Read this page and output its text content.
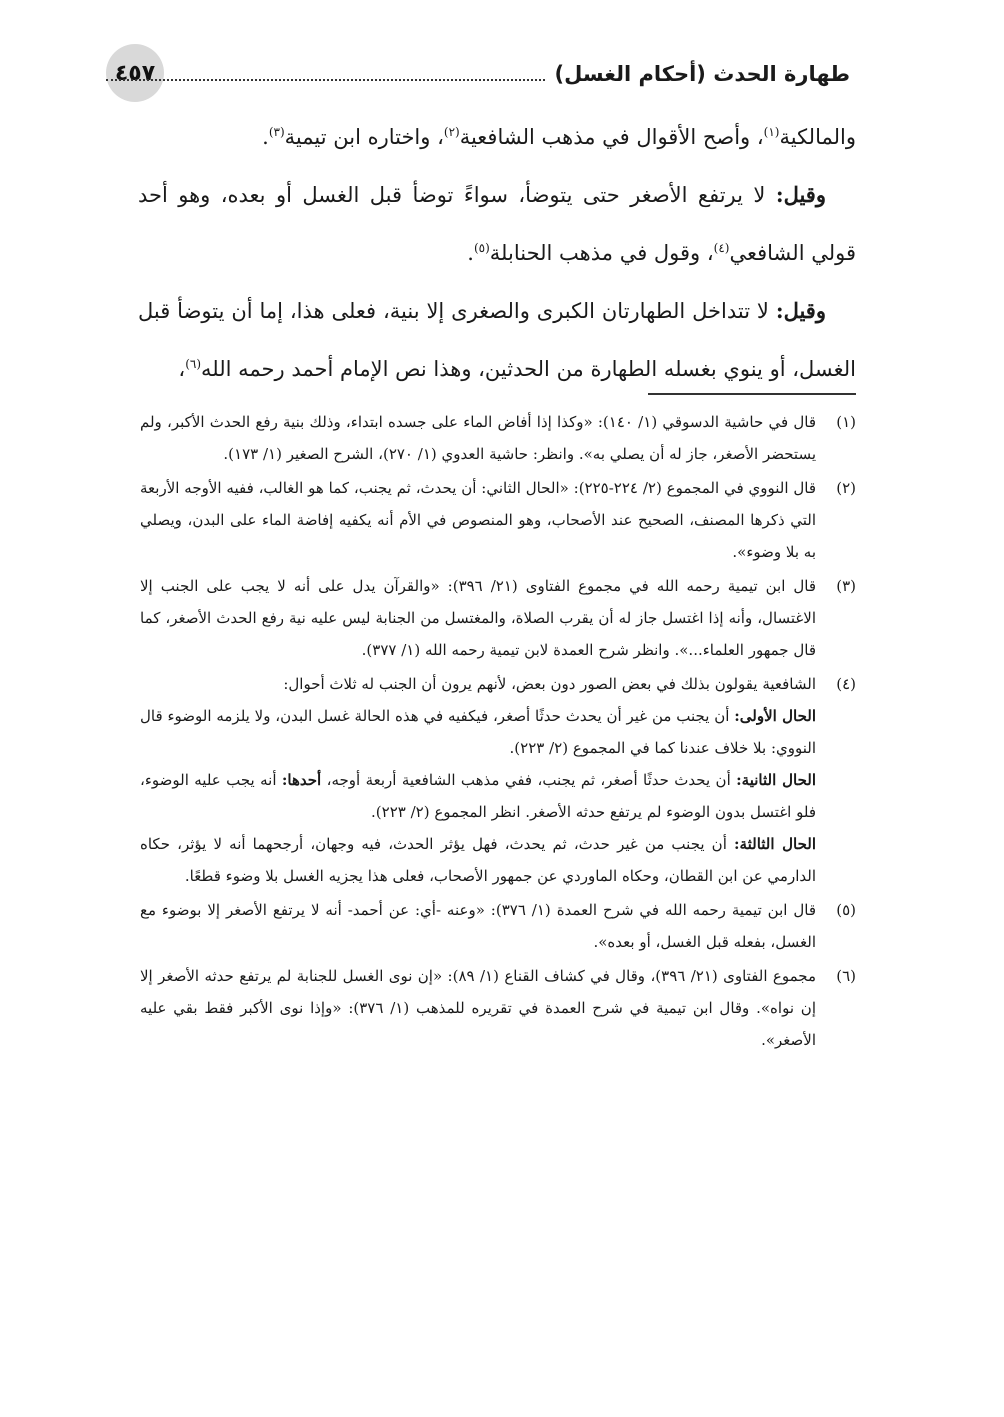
٤٥٧	طهارة الحدث (أحكام الغسل)

والمالكية$^{(١)}$، وأصح الأقوال في مذهب الشافعية$^{(٢)}$، واختاره ابن تيمية$^{(٣)}$.

وقيل: لا يرتفع الأصغر حتى يتوضأ، سواءً توضأ قبل الغسل أو بعده، وهو أحد قولي الشافعي$^{(٤)}$، وقول في مذهب الحنابلة$^{(٥)}$.

وقيل: لا تتداخل الطهارتان الكبرى والصغرى إلا بنية، فعلى هذا، إما أن يتوضأ قبل الغسل، أو ينوي بغسله الطهارة من الحدثين، وهذا نص الإمام أحمد رحمه الله$^{(٦)}$،

(١)
قال في حاشية الدسوقي (١/ ١٤٠): «وكذا إذا أفاض الماء على جسده ابتداء، وذلك بنية رفع الحدث الأكبر، ولم يستحضر الأصغر، جاز له أن يصلي به». وانظر: حاشية العدوي (١/ ٢٧٠)، الشرح الصغير (١/ ١٧٣).
(٢)
قال النووي في المجموع (٢/ ٢٢٤-٢٢٥): «الحال الثاني: أن يحدث، ثم يجنب، كما هو الغالب، ففيه الأوجه الأربعة التي ذكرها المصنف، الصحيح عند الأصحاب، وهو المنصوص في الأم أنه يكفيه إفاضة الماء على البدن، ويصلي به بلا وضوء».
(٣)
قال ابن تيمية رحمه الله في مجموع الفتاوى (٢١/ ٣٩٦): «والقرآن يدل على أنه لا يجب على الجنب إلا الاغتسال، وأنه إذا اغتسل جاز له أن يقرب الصلاة، والمغتسل من الجنابة ليس عليه نية رفع الحدث الأصغر، كما قال جمهور العلماء...». وانظر شرح العمدة لابن تيمية رحمه الله (١/ ٣٧٧).
(٤)

الشافعية يقولون بذلك في بعض الصور دون بعض، لأنهم يرون أن الجنب له ثلاث أحوال:

الحال الأولى: أن يجنب من غير أن يحدث حدثًا أصغر، فيكفيه في هذه الحالة غسل البدن، ولا يلزمه الوضوء قال النووي: بلا خلاف عندنا كما في المجموع (٢/ ٢٢٣).

الحال الثانية: أن يحدث حدثًا أصغر، ثم يجنب، ففي مذهب الشافعية أربعة أوجه، أحدها: أنه يجب عليه الوضوء، فلو اغتسل بدون الوضوء لم يرتفع حدثه الأصغر. انظر المجموع (٢/ ٢٢٣).

الحال الثالثة: أن يجنب من غير حدث، ثم يحدث، فهل يؤثر الحدث، فيه وجهان، أرجحهما أنه لا يؤثر، حكاه الدارمي عن ابن القطان، وحكاه الماوردي عن جمهور الأصحاب، فعلى هذا يجزيه الغسل بلا وضوء قطعًا.

(٥)
قال ابن تيمية رحمه الله في شرح العمدة (١/ ٣٧٦): «وعنه -أي: عن أحمد- أنه لا يرتفع الأصغر إلا بوضوء مع الغسل، بفعله قبل الغسل، أو بعده».
(٦)
مجموع الفتاوى (٢١/ ٣٩٦)، وقال في كشاف القناع (١/ ٨٩): «إن نوى الغسل للجنابة لم يرتفع حدثه الأصغر إلا إن نواه». وقال ابن تيمية في شرح العمدة في تقريره للمذهب (١/ ٣٧٦): «وإذا نوى الأكبر فقط بقي عليه الأصغر».
